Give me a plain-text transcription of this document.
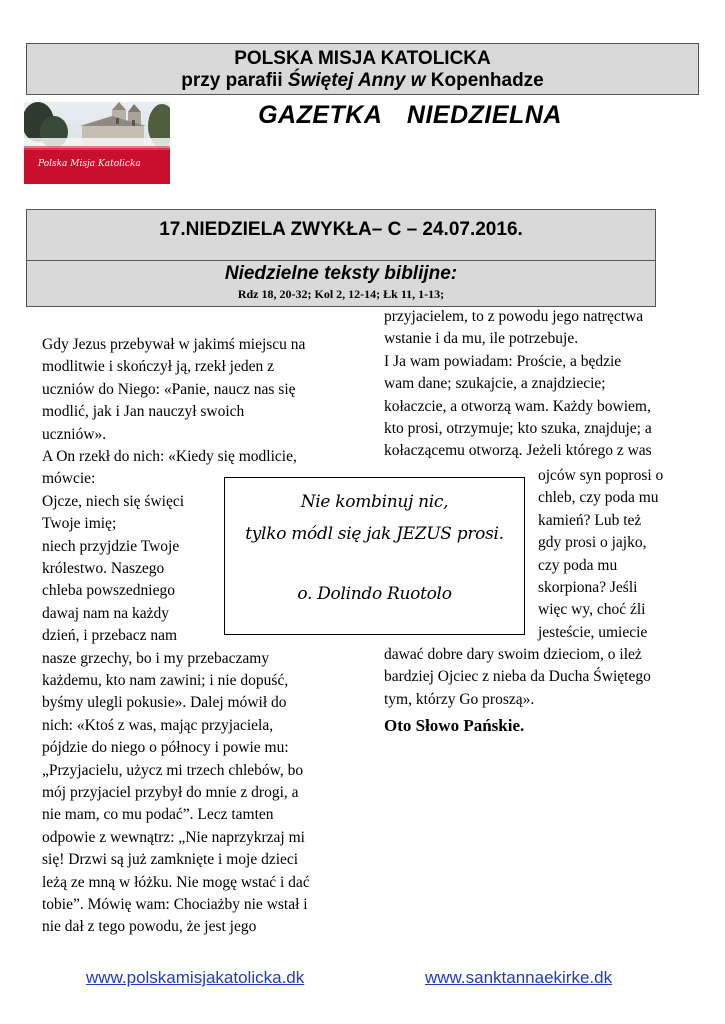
POLSKA MISJA KATOLICKA
przy parafii Świętej Anny w Kopenhadze
GAZETKA NIEDZIELNA
Polska Misja Katolicka
17.NIEDZIELA ZWYKŁA– C – 24.07.2016.
Niedzielne teksty biblijne:
Rdz 18, 20-32; Kol 2, 12-14; Łk 11, 1-13;
Gdy Jezus przebywał w jakimś miejscu na
modlitwie i skończył ją, rzekł jeden z
uczniów do Niego: «Panie, naucz nas się
modlić, jak i Jan nauczył swoich
uczniów».
A On rzekł do nich: «Kiedy się modlicie,
mówcie:
Ojcze, niech się święci
Twoje imię;
niech przyjdzie Twoje
królestwo. Naszego
chleba powszedniego
dawaj nam na każdy
dzień, i przebacz nam
nasze grzechy, bo i my przebaczamy
każdemu, kto nam zawini; i nie dopuść,
byśmy ulegli pokusie». Dalej mówił do
nich: «Ktoś z was, mając przyjaciela,
pójdzie do niego o północy i powie mu:
„Przyjacielu, użycz mi trzech chlebów, bo
mój przyjaciel przybył do mnie z drogi, a
nie mam, co mu podać”. Lecz tamten
odpowie z wewnątrz: „Nie naprzykrzaj mi
się! Drzwi są już zamknięte i moje dzieci
leżą ze mną w łóżku. Nie mogę wstać i dać
tobie”. Mówię wam: Chociażby nie wstał i
nie dał z tego powodu, że jest jego
przyjacielem, to z powodu jego natręctwa
wstanie i da mu, ile potrzebuje.
I Ja wam powiadam: Proście, a będzie
wam dane; szukajcie, a znajdziecie;
kołaczcie, a otworzą wam. Każdy bowiem,
kto prosi, otrzymuje; kto szuka, znajduje; a
kołaczącemu otworzą. Jeżeli którego z was
ojców syn poprosi o
chleb, czy poda mu
kamień? Lub też
gdy prosi o jajko,
czy poda mu
skorpiona? Jeśli
więc wy, choć źli
jesteście, umiecie
dawać dobre dary swoim dzieciom, o ileż
bardziej Ojciec z nieba da Ducha Świętego
tym, którzy Go proszą».
Nie kombinuj nic,
tylko módl się jak JEZUS prosi.
o. Dolindo Ruotolo
Oto Słowo Pańskie.
www.polskamisjakatolicka.dk	www.sanktannaekirke.dk
